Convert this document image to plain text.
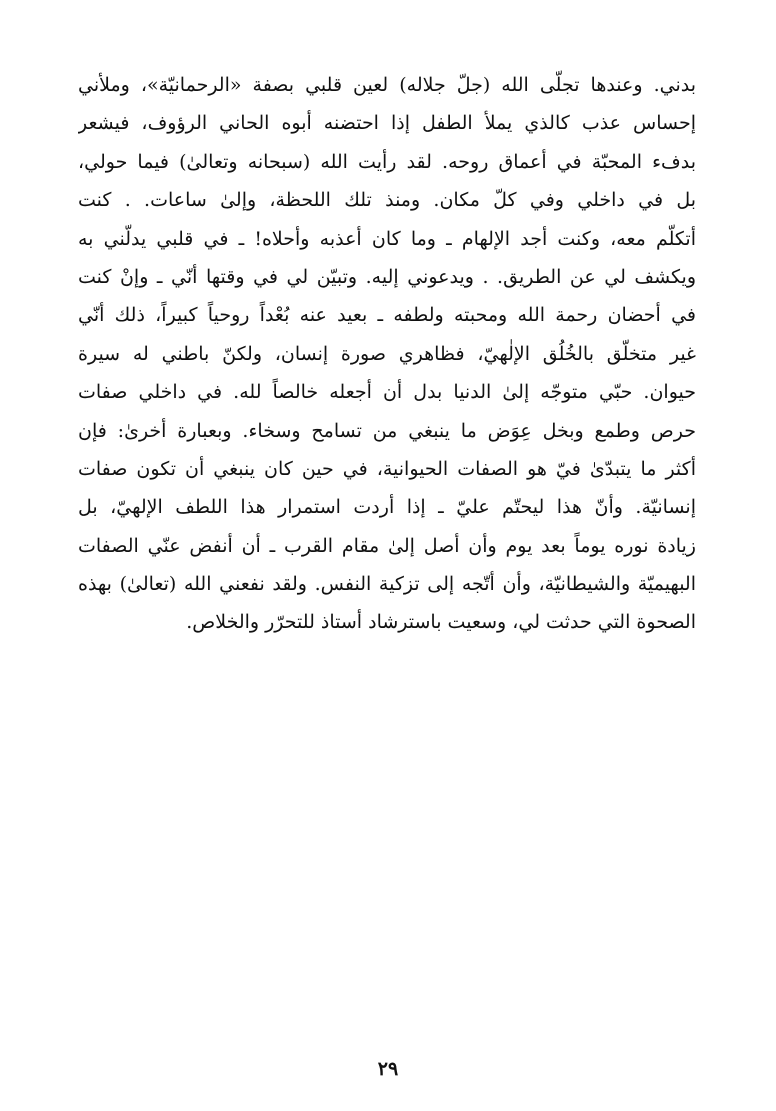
بدني. وعندها تجلّى الله (جلّ جلاله) لعين قلبي بصفة «الرحمانيّة»، وملأني
إحساس عذب كالذي يملأ الطفل إذا احتضنه أبوه الحاني الرؤوف، فيشعر
بدفء المحبّة في أعماق روحه. لقد رأيت الله (سبحانه وتعالىٰ) فيما حولي،
بل في داخلي وفي كلّ مكان. ومنذ تلك اللحظة، وإلىٰ ساعات. . كنت
أتكلّم معه، وكنت أجد الإلهام ـ وما كان أعذبه وأحلاه! ـ في قلبي يدلّني به
ويكشف لي عن الطريق. . ويدعوني إليه. وتبيّن لي في وقتها أنّي ـ وإنْ كنت
في أحضان رحمة الله ومحبته ولطفه ـ بعيد عنه بُعْداً روحياً كبيراً، ذلك أنّي
غير متخلّق بالخُلُق الإلٰهيّ، فظاهري صورة إنسان، ولكنّ باطني له سيرة
حيوان. حبّي متوجّه إلىٰ الدنيا بدل أن أجعله خالصاً لله. في داخلي صفات
حرص وطمع وبخل عِوَض ما ينبغي من تسامح وسخاء. وبعبارة أخرىٰ: فإن
أكثر ما يتبدّىٰ فيّ هو الصفات الحيوانية، في حين كان ينبغي أن تكون صفات
إنسانيّة. وأنّ هذا ليحتّم عليّ ـ إذا أردت استمرار هذا اللطف الإلهيّ، بل
زيادة نوره يوماً بعد يوم وأن أصل إلىٰ مقام القرب ـ أن أنفض عنّي الصفات
البهيميّة والشيطانيّة، وأن أتّجه إلى تزكية النفس. ولقد نفعني الله (تعالىٰ) بهذه
الصحوة التي حدثت لي، وسعيت باسترشاد أستاذ للتحرّر والخلاص.
٢٩
